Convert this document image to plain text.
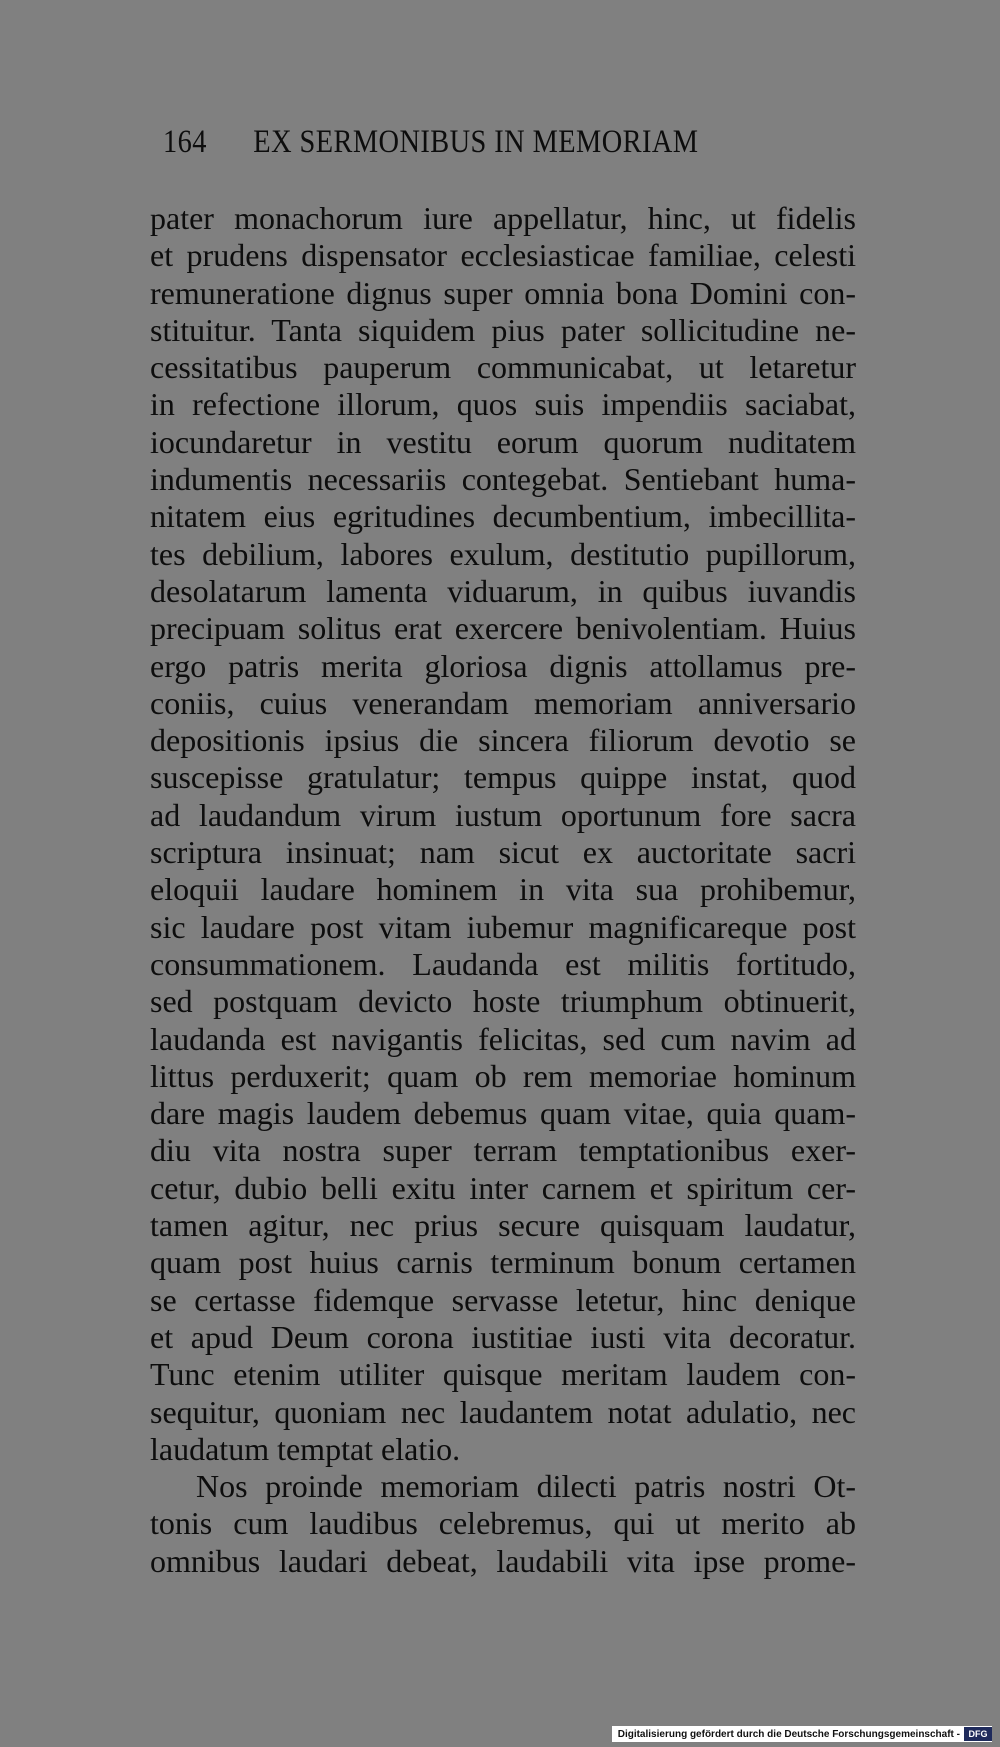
164 EX SERMONIBUS IN MEMORIAM
pater monachorum iure appellatur, hinc, ut fidelis
et prudens dispensator ecclesiasticae familiae, celesti
remuneratione dignus super omnia bona Domini con-
stituitur. Tanta siquidem pius pater sollicitudine ne-
cessitatibus pauperum communicabat, ut letaretur
in refectione illorum, quos suis impendiis saciabat,
iocundaretur in vestitu eorum quorum nuditatem
indumentis necessariis contegebat. Sentiebant huma-
nitatem eius egritudines decumbentium, imbecillita-
tes debilium, labores exulum, destitutio pupillorum,
desolatarum lamenta viduarum, in quibus iuvandis
precipuam solitus erat exercere benivolentiam. Huius
ergo patris merita gloriosa dignis attollamus pre-
coniis, cuius venerandam memoriam anniversario
depositionis ipsius die sincera filiorum devotio se
suscepisse gratulatur; tempus quippe instat, quod
ad laudandum virum iustum oportunum fore sacra
scriptura insinuat; nam sicut ex auctoritate sacri
eloquii laudare hominem in vita sua prohibemur,
sic laudare post vitam iubemur magnificareque post
consummationem. Laudanda est militis fortitudo,
sed postquam devicto hoste triumphum obtinuerit,
laudanda est navigantis felicitas, sed cum navim ad
littus perduxerit; quam ob rem memoriae hominum
dare magis laudem debemus quam vitae, quia quam-
diu vita nostra super terram temptationibus exer-
cetur, dubio belli exitu inter carnem et spiritum cer-
tamen agitur, nec prius secure quisquam laudatur,
quam post huius carnis terminum bonum certamen
se certasse fidemque servasse letetur, hinc denique
et apud Deum corona iustitiae iusti vita decoratur.
Tunc etenim utiliter quisque meritam laudem con-
sequitur, quoniam nec laudantem notat adulatio, nec
laudatum temptat elatio.
Nos proinde memoriam dilecti patris nostri Ot-
tonis cum laudibus celebremus, qui ut merito ab
omnibus laudari debeat, laudabili vita ipse prome-
Digitalisierung gefördert durch die Deutsche Forschungsgemeinschaft - DFG
